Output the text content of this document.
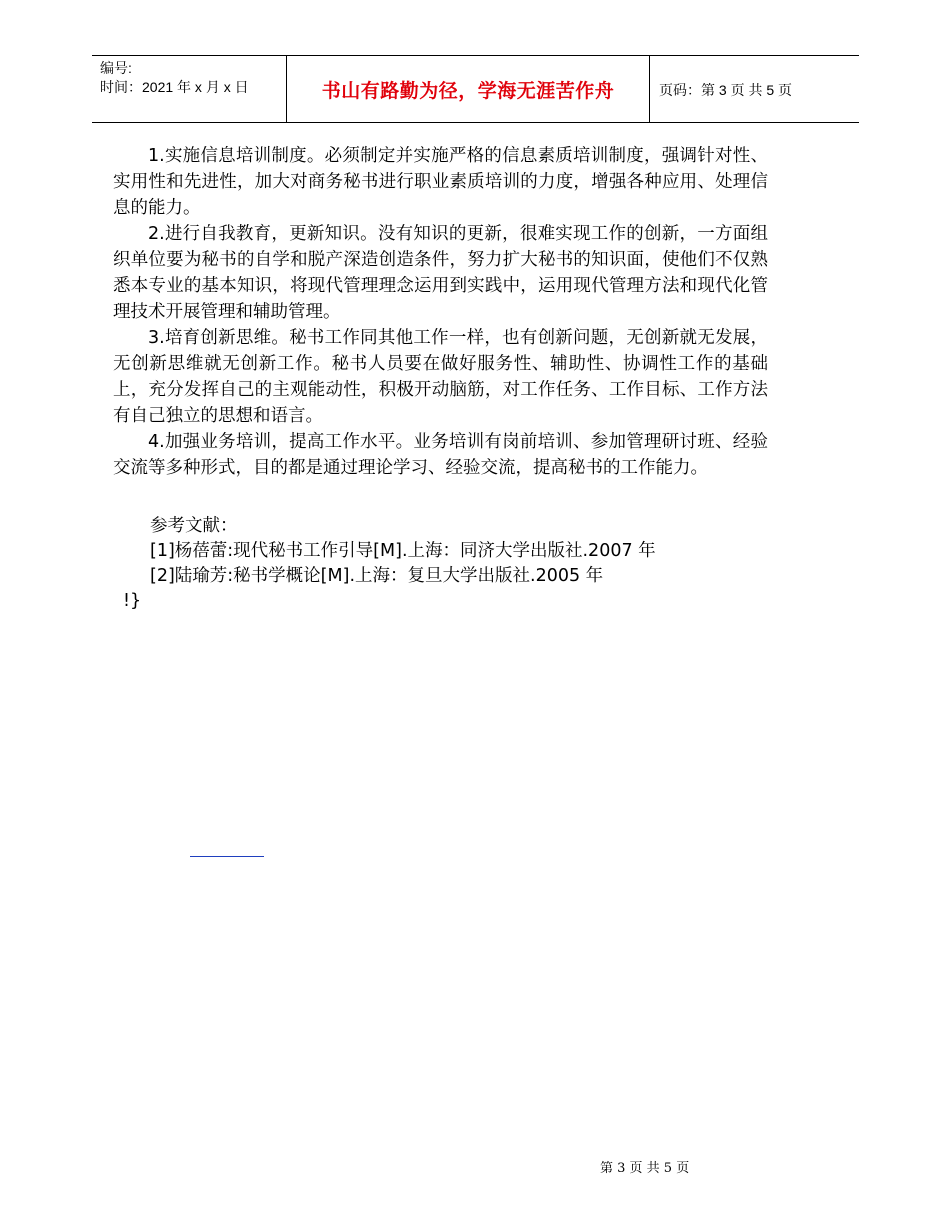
编号:
时间：2021 年 x 月 x 日	书山有路勤为径，学海无涯苦作舟	页码：第 3 页 共 5 页

1.实施信息培训制度。必须制定并实施严格的信息素质培训制度，强调针对性、实用性和先进性，加大对商务秘书进行职业素质培训的力度，增强各种应用、处理信息的能力。

2.进行自我教育，更新知识。没有知识的更新，很难实现工作的创新，一方面组织单位要为秘书的自学和脱产深造创造条件，努力扩大秘书的知识面，使他们不仅熟悉本专业的基本知识，将现代管理理念运用到实践中，运用现代管理方法和现代化管理技术开展管理和辅助管理。

3.培育创新思维。秘书工作同其他工作一样，也有创新问题，无创新就无发展，无创新思维就无创新工作。秘书人员要在做好服务性、辅助性、协调性工作的基础上，充分发挥自己的主观能动性，积极开动脑筋，对工作任务、工作目标、工作方法有自己独立的思想和语言。

4.加强业务培训，提高工作水平。业务培训有岗前培训、参加管理研讨班、经验交流等多种形式，目的都是通过理论学习、经验交流，提高秘书的工作能力。

参考文献：
[1]杨蓓蕾:现代秘书工作引导[M].上海：同济大学出版社.2007 年
[2]陆瑜芳:秘书学概论[M].上海：复旦大学出版社.2005 年
!}
第 3 页 共 5 页
